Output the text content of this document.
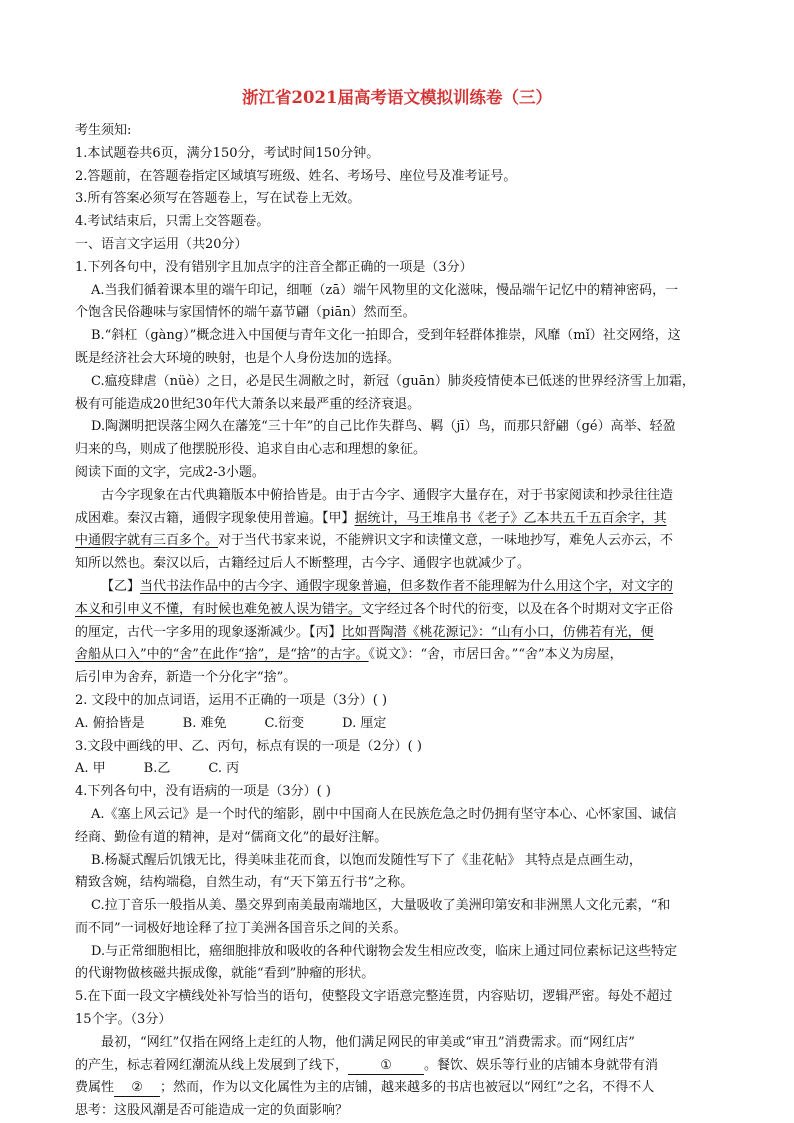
浙江省2021届高考语文模拟训练卷（三）
考生须知:
1.本试题卷共6页，满分150分，考试时间150分钟。
2.答题前，在答题卷指定区域填写班级、姓名、考场号、座位号及准考证号。
3.所有答案必须写在答题卷上，写在试卷上无效。
4.考试结束后，只需上交答题卷。
一、语言文字运用（共20分）
1.下列各句中，没有错别字且加点字的注音全都正确的一项是（3分）
A.当我们循着课本里的端午印记，细咂（zā）端午风物里的文化滋味，慢品端午记忆中的精神密码，一
个饱含民俗趣味与家国情怀的端午嘉节翩（piān）然而至。
B.“斜杠（gàng）”概念进入中国便与青年文化一拍即合，受到年轻群体推崇，风靡（mǐ）社交网络，这
既是经济社会大环境的映射，也是个人身份迭加的选择。
C.瘟疫肆虐（nüè）之日，必是民生凋敝之时，新冠（guān）肺炎疫情使本已低迷的世界经济雪上加霜，
极有可能造成20世纪30年代大萧条以来最严重的经济衰退。
D.陶渊明把误落尘网久在藩笼“三十年”的自己比作失群鸟、羁（jī）鸟，而那只舒翩（gé）高举、轻盈
归来的鸟，则成了他摆脱形役、追求自由心志和理想的象征。
阅读下面的文字，完成2-3小题。
古今字现象在古代典籍版本中俯拾皆是。由于古今字、通假字大量存在，对于书家阅读和抄录往往造
成困难。秦汉古籍，通假字现象使用普遍。【甲】据统计，马王堆帛书《老子》乙本共五千五百余字，其
中通假字就有三百多个。对于当代书家来说，不能辨识文字和读懂文意，一味地抄写，难免人云亦云，不
知所以然也。秦汉以后，古籍经过后人不断整理，古今字、通假字也就减少了。
【乙】当代书法作品中的古今字、通假字现象普遍，但多数作者不能理解为什么用这个字，对文字的
本义和引申义不懂，有时候也难免被人误为错字。文字经过各个时代的衍变，以及在各个时期对文字正俗
的厘定，古代一字多用的现象逐渐减少。【丙】比如晋陶潜《桃花源记》：“山有小口，仿佛若有光，便
舍船从口入”中的“舍”在此作“捨”，是“捨”的古字。《说文》：“舍，市居曰舍。”“舍”本义为房屋，
后引申为舍弃，新造一个分化字“捨”。
2. 文段中的加点词语，运用不正确的一项是（3分）( )
A. 俯拾皆是	B. 难免	C.衍变	D. 厘定
3.文段中画线的甲、乙、丙句，标点有误的一项是（2分）( )
A. 甲	B.乙	C. 丙
4.下列各句中，没有语病的一项是（3分）( )
A.《塞上风云记》是一个时代的缩影，剧中中国商人在民族危急之时仍拥有坚守本心、心怀家国、诚信
经商、勤俭有道的精神，是对“儒商文化”的最好注解。
B.杨凝式醒后饥饿无比，得美味韭花而食，以饱而发随性写下了《韭花帖》 其特点是点画生动，
精致含婉，结构端稳，自然生动，有“天下第五行书”之称。
C.拉丁音乐一般指从美、墨交界到南美最南端地区，大量吸收了美洲印第安和非洲黑人文化元素，“和
而不同”一词极好地诠释了拉丁美洲各国音乐之间的关系。
D.与正常细胞相比，癌细胞排放和吸收的各种代谢物会发生相应改变，临床上通过同位素标记这些特定
的代谢物做核磁共振成像，就能“看到”肿瘤的形状。
5.在下面一段文字横线处补写恰当的语句，使整段文字语意完整连贯，内容贴切，逻辑严密。每处不超过
15个字。（3分）
最初，“网红”仅指在网络上走红的人物，他们满足网民的审美或“审丑”消费需求。而“网红店”
的产生，标志着网红潮流从线上发展到了线下， ① 。餐饮、娱乐等行业的店铺本身就带有消
费属性 ② ；然而，作为以文化属性为主的店铺，越来越多的书店也被冠以“网红”之名，不得不人
思考：这股风潮是否可能造成一定的负面影响？
